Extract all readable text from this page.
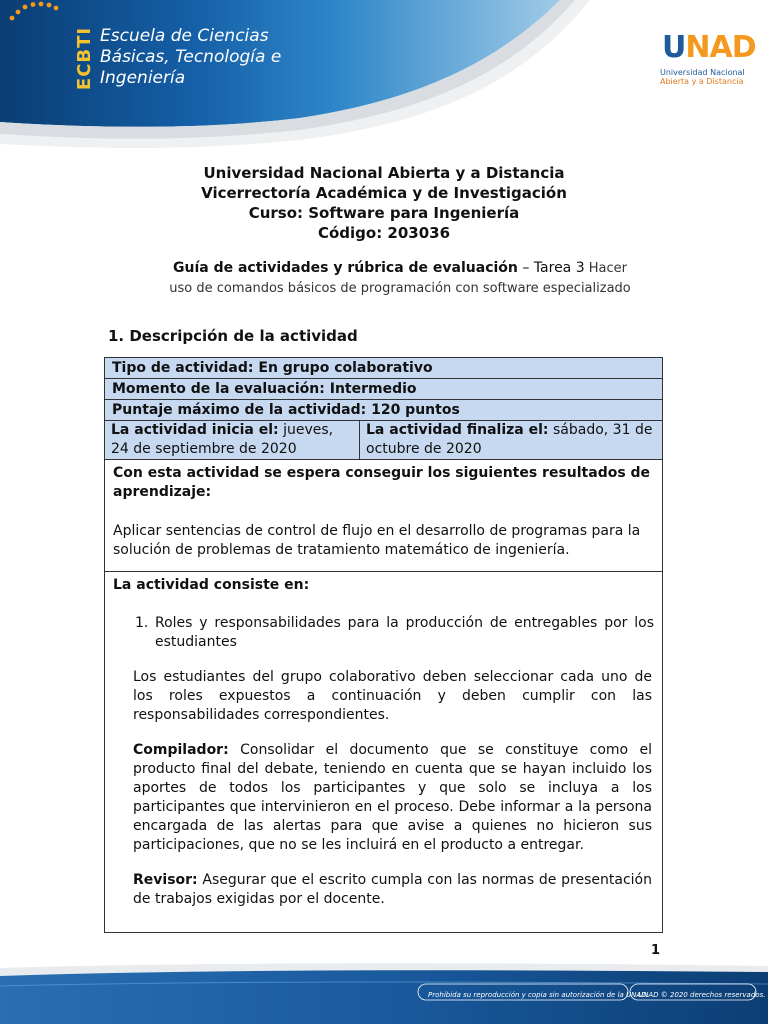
ECBTI Escuela de Ciencias
Básicas, Tecnología e
Ingeniería
UNAD
Universidad Nacional
Abierta y a Distancia
Universidad Nacional Abierta y a Distancia
Vicerrectoría Académica y de Investigación
Curso: Software para Ingeniería
Código: 203036
Guía de actividades y rúbrica de evaluación – Tarea 3 Hacer
uso de comandos básicos de programación con software especializado
1. Descripción de la actividad
Tipo de actividad: En grupo colaborativo
Momento de la evaluación: Intermedio
Puntaje máximo de la actividad: 120 puntos
La actividad inicia el: jueves, 24 de septiembre de 2020
La actividad finaliza el: sábado, 31 de octubre de 2020
Con esta actividad se espera conseguir los siguientes resultados de aprendizaje:
Aplicar sentencias de control de flujo en el desarrollo de programas para la solución de problemas de tratamiento matemático de ingeniería.
La actividad consiste en:
1. Roles y responsabilidades para la producción de entregables por los estudiantes
Los estudiantes del grupo colaborativo deben seleccionar cada uno de los roles expuestos a continuación y deben cumplir con las responsabilidades correspondientes.
Compilador: Consolidar el documento que se constituye como el producto final del debate, teniendo en cuenta que se hayan incluido los aportes de todos los participantes y que solo se incluya a los participantes que intervinieron en el proceso. Debe informar a la persona encargada de las alertas para que avise a quienes no hicieron sus participaciones, que no se les incluirá en el producto a entregar.
Revisor: Asegurar que el escrito cumpla con las normas de presentación de trabajos exigidas por el docente.
1
Prohibida su reproducción y copia sin autorización de la UNAD.
UNAD © 2020 derechos reservados.
